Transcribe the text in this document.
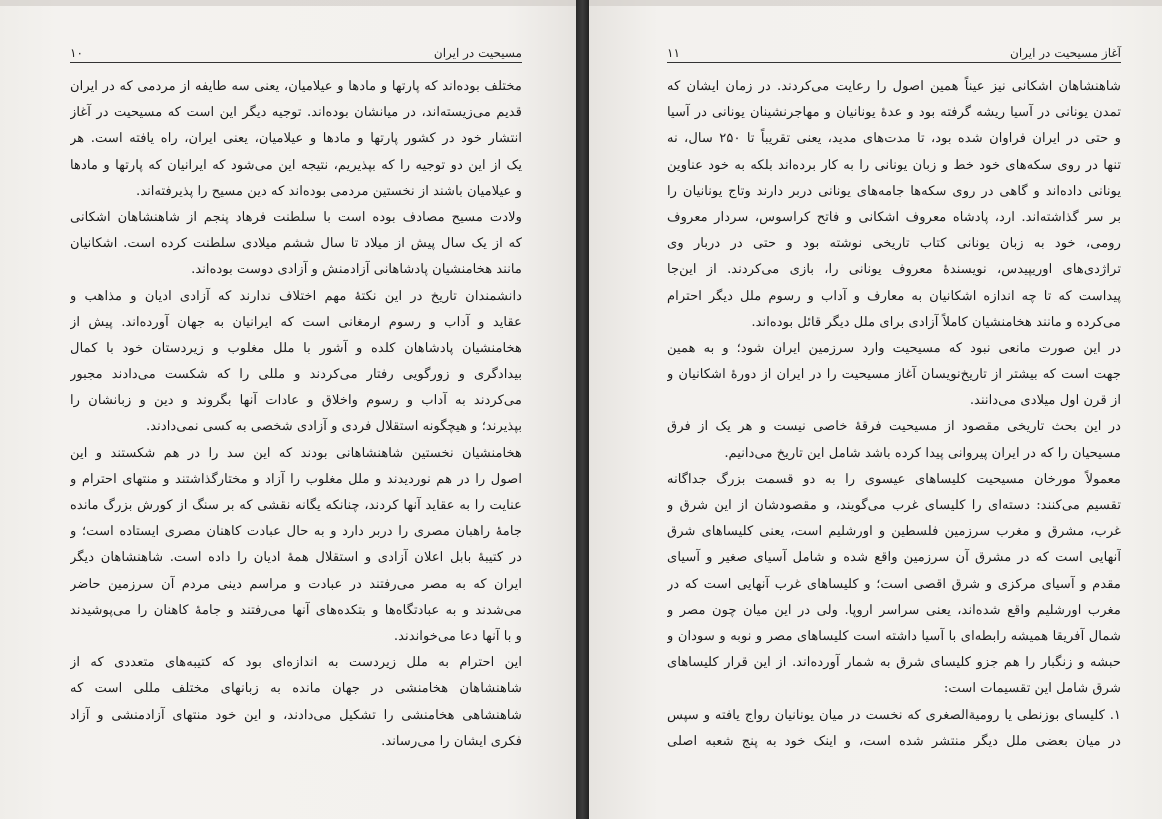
مسیحیت در ایران
۱۰
مختلف بوده‌اند که پارتها و مادها و عیلامیان، یعنی سه طایفه از مردمی که در ایران
قدیم می‌زیسته‌اند، در میانشان بوده‌اند. توجیه دیگر این است که مسیحیت در آغاز
انتشار خود در کشور پارتها و مادها و عیلامیان، یعنی ایران، راه یافته است. هر
یک از این دو توجیه را که بپذیریم، نتیجه این می‌شود که ایرانیان که پارتها و مادها
و عیلامیان باشند از نخستین مردمی بوده‌اند که دین مسیح را پذیرفته‌اند.
ولادت مسیح مصادف بوده است با سلطنت فرهاد پنجم از شاهنشاهان اشکانی
که از یک سال پیش از میلاد تا سال ششم میلادی سلطنت کرده است. اشکانیان
مانند هخامنشیان پادشاهانی آزادمنش و آزادی دوست بوده‌اند.
دانشمندان تاریخ در این نکتهٔ مهم اختلاف ندارند که آزادی ادیان و مذاهب و
عقاید و آداب و رسوم ارمغانی است که ایرانیان به جهان آورده‌اند. پیش از
هخامنشیان پادشاهان کلده و آشور با ملل مغلوب و زیردستان خود با کمال
بیدادگری و زورگویی رفتار می‌کردند و مللی را که شکست می‌دادند مجبور
می‌کردند به آداب و رسوم واخلاق و عادات آنها بگروند و دین و زبانشان را
بپذیرند؛ و هیچگونه استقلال فردی و آزادی شخصی به کسی نمی‌دادند.
هخامنشیان نخستین شاهنشاهانی بودند که این سد را در هم شکستند و این
اصول را در هم نوردیدند و ملل مغلوب را آزاد و مختارگذاشتند و منتهای احترام و
عنایت را به عقاید آنها کردند، چنانکه یگانه نقشی که بر سنگ از کورش بزرگ مانده
جامهٔ راهبان مصری را دربر دارد و به حال عبادت کاهنان مصری ایستاده است؛ و
در کتیبهٔ بابل اعلان آزادی و استقلال همهٔ ادیان را داده است. شاهنشاهان دیگر
ایران که به مصر می‌رفتند در عبادت و مراسم دینی مردم آن سرزمین حاضر
می‌شدند و به عبادتگاه‌ها و بتکده‌های آنها می‌رفتند و جامهٔ کاهنان را می‌پوشیدند
و با آنها دعا می‌خواندند.
این احترام به ملل زیردست به اندازه‌ای بود که کتیبه‌های متعددی که از
شاهنشاهان هخامنشی در جهان مانده به زبانهای مختلف مللی است که
شاهنشاهی هخامنشی را تشکیل می‌دادند، و این خود منتهای آزادمنشی و آزاد
فکری ایشان را می‌رساند.
آغاز مسیحیت در ایران
۱۱
شاهنشاهان اشکانی نیز عیناً همین اصول را رعایت می‌کردند. در زمان ایشان که
تمدن یونانی در آسیا ریشه گرفته بود و عدهٔ یونانیان و مهاجرنشینان یونانی در آسیا
و حتی در ایران فراوان شده بود، تا مدت‌های مدید، یعنی تقریباً تا ۲۵۰ سال، نه
تنها در روی سکه‌های خود خط و زبان یونانی را به کار برده‌اند بلکه به خود عناوین
یونانی داده‌اند و گاهی در روی سکه‌ها جامه‌های یونانی دربر دارند وتاج یونانیان را
بر سر گذاشته‌اند. ارد، پادشاه معروف اشکانی و فاتح کراسوس، سردار معروف
رومی، خود به زبان یونانی کتاب تاریخی نوشته بود و حتی در دربار وی
تراژدی‌های اوریپیدس، نویسندهٔ معروف یونانی را، بازی می‌کردند. از این‌جا
پیداست که تا چه اندازه اشکانیان به معارف و آداب و رسوم ملل دیگر احترام
می‌کرده و مانند هخامنشیان کاملاً آزادی برای ملل دیگر قائل بوده‌اند.
در این صورت مانعی نبود که مسیحیت وارد سرزمین ایران شود؛ و به همین
جهت است که بیشتر از تاریخ‌نویسان آغاز مسیحیت را در ایران از دورهٔ اشکانیان و
از قرن اول میلادی می‌دانند.
در این بحث تاریخی مقصود از مسیحیت فرقهٔ خاصی نیست و هر یک از فرق
مسیحیان را که در ایران پیروانی پیدا کرده باشد شامل این تاریخ می‌دانیم.
معمولاً مورخان مسیحیت کلیساهای عیسوی را به دو قسمت بزرگ جداگانه
تقسیم می‌کنند: دسته‌ای را کلیسای غرب می‌گویند، و مقصودشان از این شرق و
غرب، مشرق و مغرب سرزمین فلسطین و اورشلیم است، یعنی کلیساهای شرق
آنهایی است که در مشرق آن سرزمین واقع شده و شامل آسیای صغیر و آسیای
مقدم و آسیای مرکزی و شرق اقصی است؛ و کلیساهای غرب آنهایی است که در
مغرب اورشلیم واقع شده‌اند، یعنی سراسر اروپا. ولی در این میان چون مصر و
شمال آفریقا همیشه رابطه‌ای با آسیا داشته است کلیساهای مصر و نوبه و سودان و
حبشه و زنگبار را هم جزو کلیسای شرق به شمار آورده‌اند. از این قرار کلیساهای
شرق شامل این تقسیمات است:
۱. کلیسای بوزنطی یا رومیةالصغری که نخست در میان یونانیان رواج یافته و سپس
در میان بعضی ملل دیگر منتشر شده است، و اینک خود به پنج شعبه اصلی
